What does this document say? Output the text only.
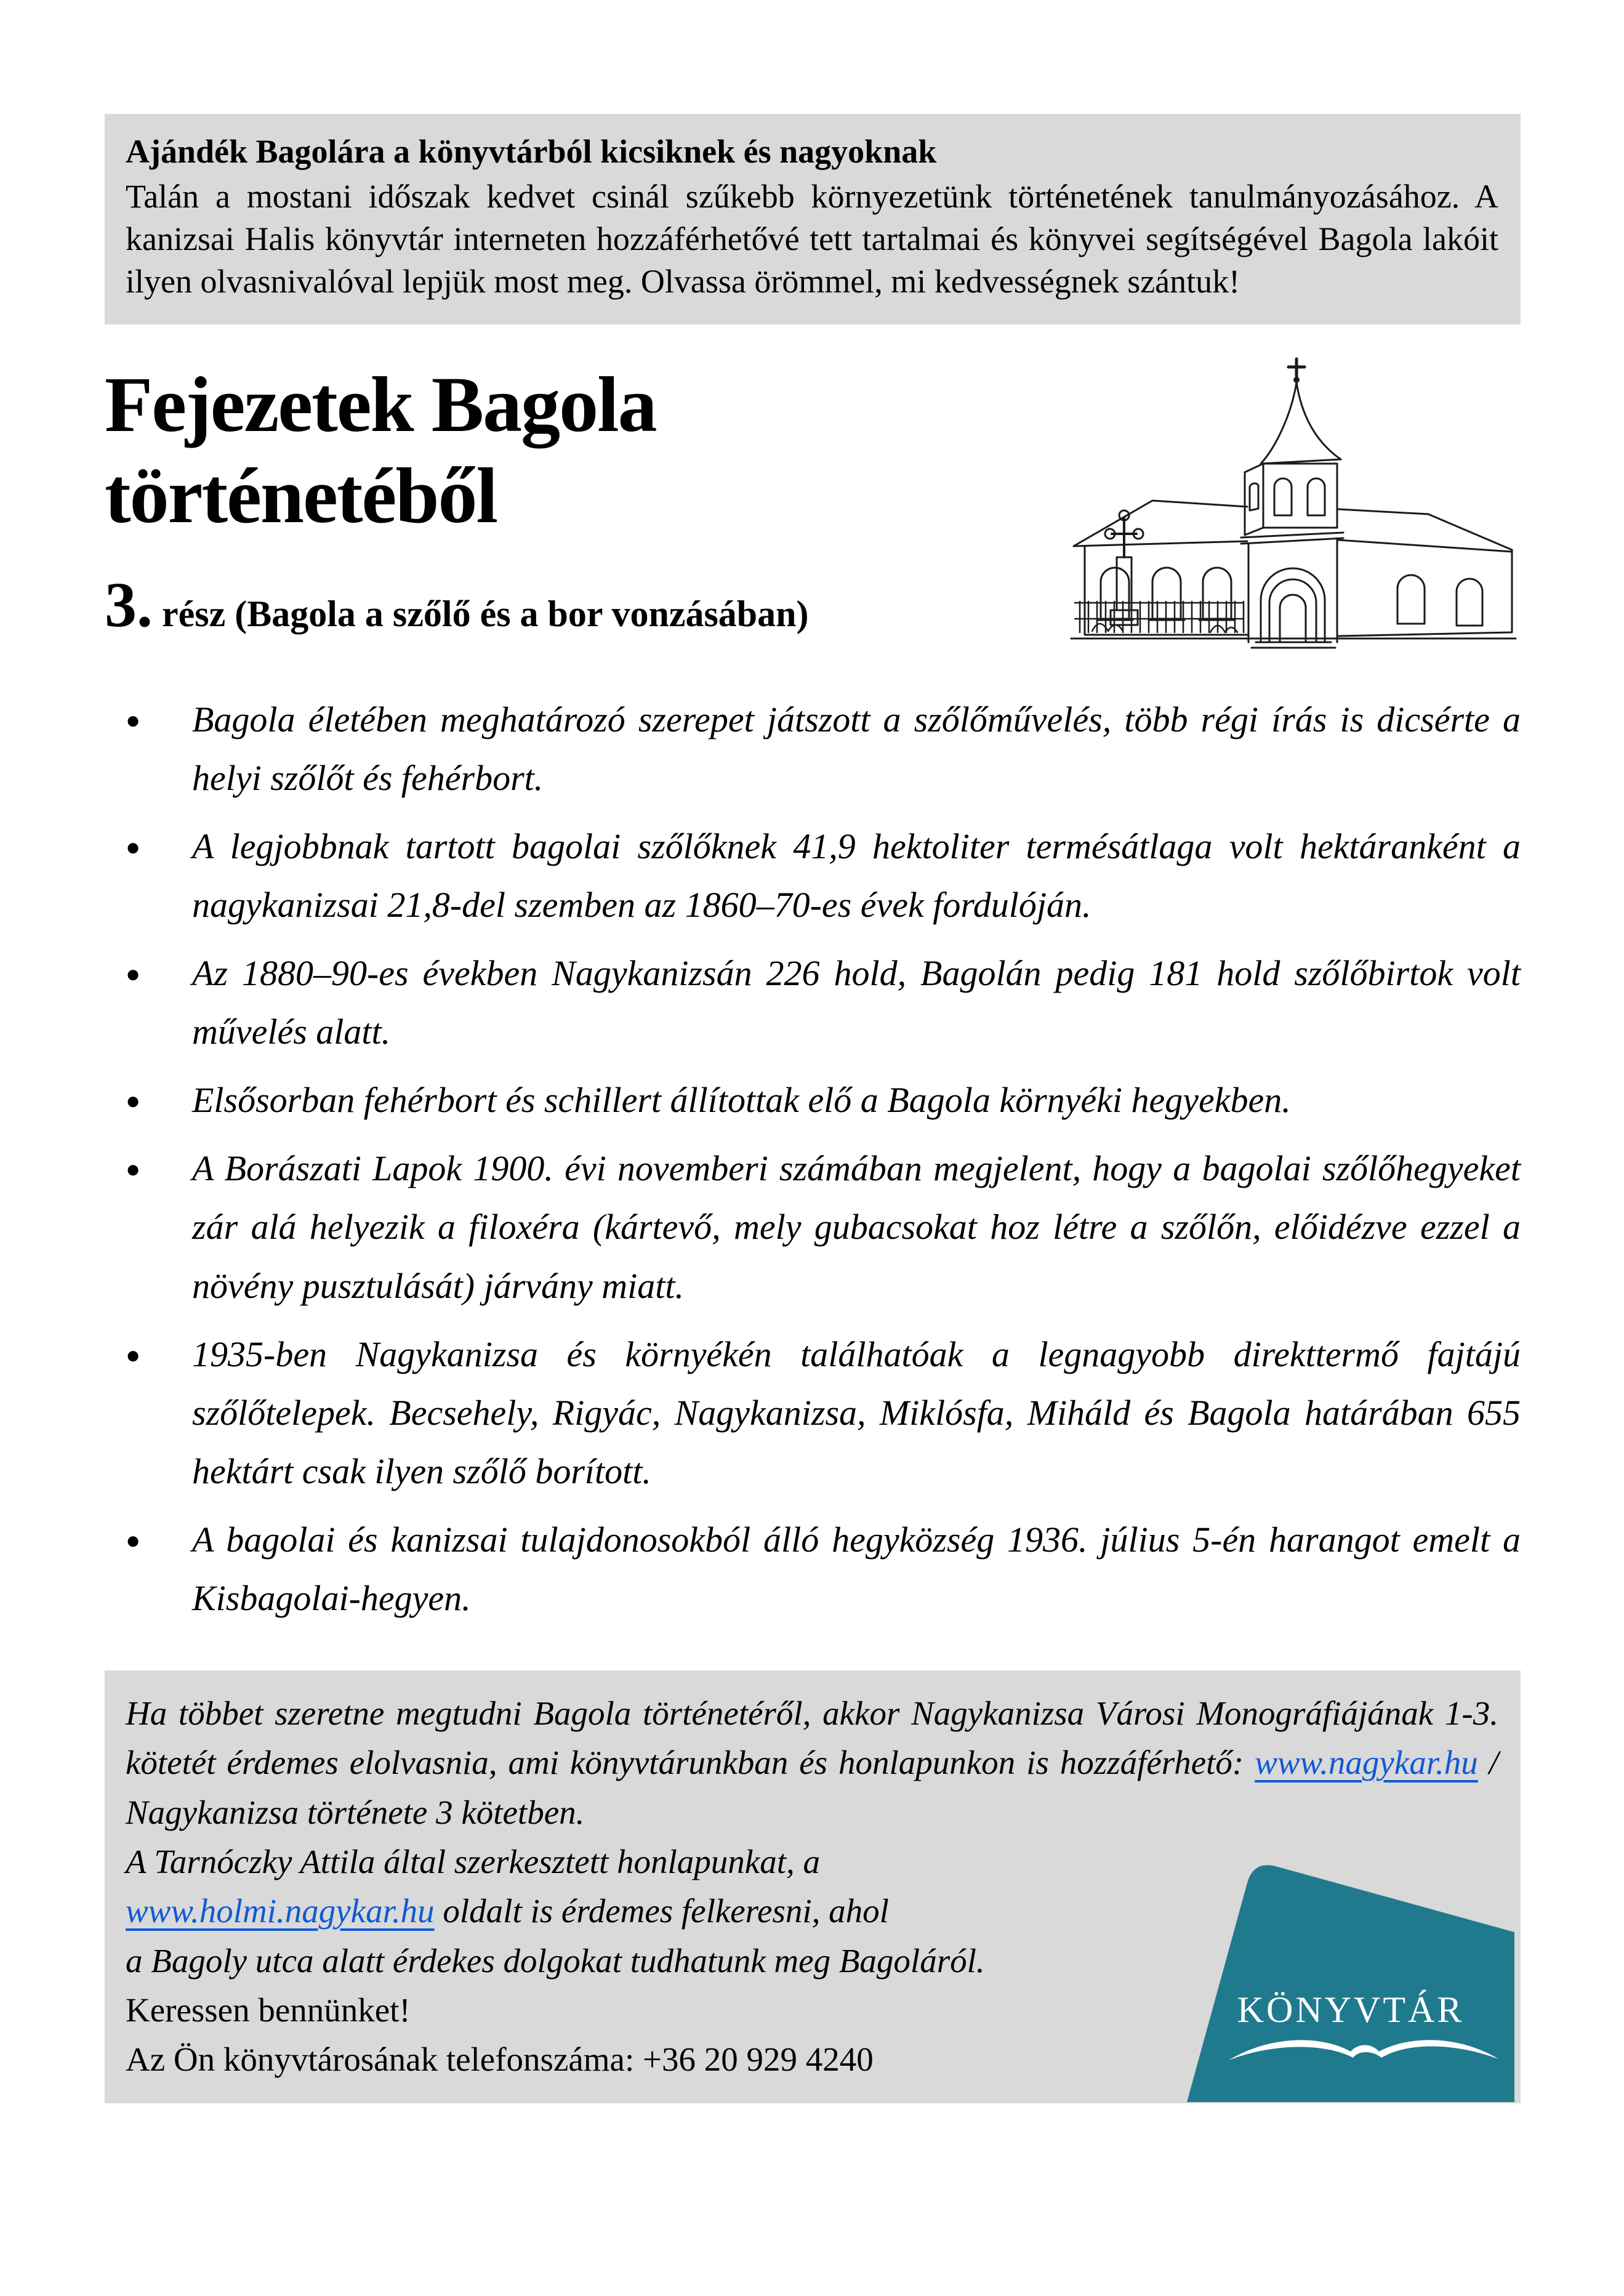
Ajándék Bagolára a könyvtárból kicsiknek és nagyoknak
Talán a mostani időszak kedvet csinál szűkebb környezetünk történetének tanulmányozásához. A kanizsai Halis könyvtár interneten hozzáférhetővé tett tartalmai és könyvei segítségével Bagola lakóit ilyen olvasnivalóval lepjük most meg. Olvassa örömmel, mi kedvességnek szántuk!
Fejezetek Bagola történetéből
3. rész (Bagola a szőlő és a bor vonzásában)
● Bagola életében meghatározó szerepet játszott a szőlőművelés, több régi írás is dicsérte a helyi szőlőt és fehérbort.
● A legjobbnak tartott bagolai szőlőknek 41,9 hektoliter termésátlaga volt hektáranként a nagykanizsai 21,8-del szemben az 1860–70-es évek fordulóján.
● Az 1880–90-es években Nagykanizsán 226 hold, Bagolán pedig 181 hold szőlőbirtok volt művelés alatt.
● Elsősorban fehérbort és schillert állítottak elő a Bagola környéki hegyekben.
● A Borászati Lapok 1900. évi novemberi számában megjelent, hogy a bagolai szőlőhegyeket zár alá helyezik a filoxéra (kártevő, mely gubacsokat hoz létre a szőlőn, előidézve ezzel a növény pusztulását) járvány miatt.
● 1935-ben Nagykanizsa és környékén találhatóak a legnagyobb direkttermő fajtájú szőlőtelepek. Becsehely, Rigyác, Nagykanizsa, Miklósfa, Miháld és Bagola határában 655 hektárt csak ilyen szőlő borított.
● A bagolai és kanizsai tulajdonosokból álló hegyközség 1936. július 5-én harangot emelt a Kisbagolai-hegyen.

Ha többet szeretne megtudni Bagola történetéről, akkor Nagykanizsa Városi Monográfiájának 1-3. kötetét érdemes elolvasnia, ami könyvtárunkban és honlapunkon is hozzáférhető: www.nagykar.hu / Nagykanizsa története 3 kötetben.

A Tarnóczky Attila által szerkesztett honlapunkat, a
www.holmi.nagykar.hu oldalt is érdemes felkeresni, ahol
a Bagoly utca alatt érdekes dolgokat tudhatunk meg Bagoláról.
Keressen bennünket!
Az Ön könyvtárosának telefonszáma: +36 20 929 4240
KÖNYVTÁR
